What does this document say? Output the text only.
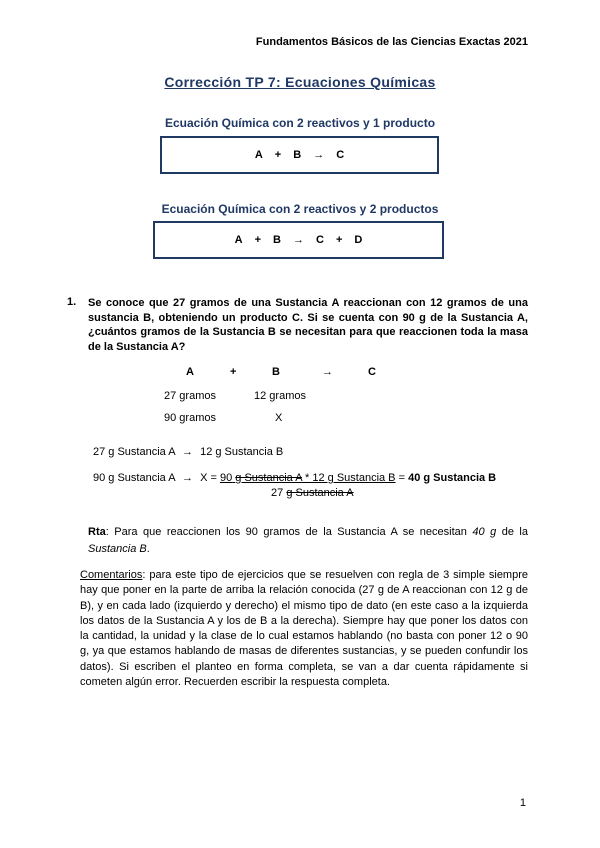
Fundamentos Básicos de las Ciencias Exactas 2021
Corrección TP 7: Ecuaciones Químicas
Ecuación Química con 2 reactivos y 1 producto
A + B → C
Ecuación Química con 2 reactivos y 2 productos
A + B → C + D
1. Se conoce que 27 gramos de una Sustancia A reaccionan con 12 gramos de una sustancia B, obteniendo un producto C. Si se cuenta con 90 g de la Sustancia A, ¿cuántos gramos de la Sustancia B se necesitan para que reaccionen toda la masa de la Sustancia A?
A	+	B	→	C
27 gramos	12 gramos
90 gramos	X
27 g Sustancia A → 12 g Sustancia B
90 g Sustancia A → X = 90 g Sustancia A * 12 g Sustancia B = 40 g Sustancia B
27 g Sustancia A
Rta: Para que reaccionen los 90 gramos de la Sustancia A se necesitan 40 g de la Sustancia B.
Comentarios: para este tipo de ejercicios que se resuelven con regla de 3 simple siempre hay que poner en la parte de arriba la relación conocida (27 g de A reaccionan con 12 g de B), y en cada lado (izquierdo y derecho) el mismo tipo de dato (en este caso a la izquierda los datos de la Sustancia A y los de B a la derecha). Siempre hay que poner los datos con la cantidad, la unidad y la clase de lo cual estamos hablando (no basta con poner 12 o 90 g, ya que estamos hablando de masas de diferentes sustancias, y se pueden confundir los datos). Si escriben el planteo en forma completa, se van a dar cuenta rápidamente si cometen algún error. Recuerden escribir la respuesta completa.
1
